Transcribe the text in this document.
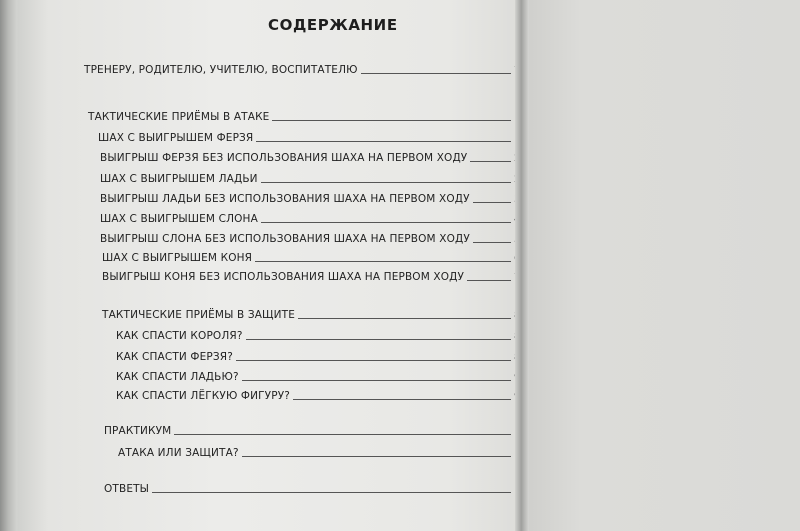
СОДЕРЖАНИЕ
ТРЕНЕРУ, РОДИТЕЛЮ, УЧИТЕЛЮ, ВОСПИТАТЕЛЮ
ТАКТИЧЕСКИЕ ПРИЁМЫ В АТАКЕ
ШАХ С ВЫИГРЫШЕМ ФЕРЗЯ
ВЫИГРЫШ ФЕРЗЯ БЕЗ ИСПОЛЬЗОВАНИЯ ШАХА НА ПЕРВОМ ХОДУ
ШАХ С ВЫИГРЫШЕМ ЛАДЬИ
ВЫИГРЫШ ЛАДЬИ БЕЗ ИСПОЛЬЗОВАНИЯ ШАХА НА ПЕРВОМ ХОДУ
ШАХ С ВЫИГРЫШЕМ СЛОНА
ВЫИГРЫШ СЛОНА БЕЗ ИСПОЛЬЗОВАНИЯ ШАХА НА ПЕРВОМ ХОДУ
ШАХ С ВЫИГРЫШЕМ КОНЯ
ВЫИГРЫШ КОНЯ БЕЗ ИСПОЛЬЗОВАНИЯ ШАХА НА ПЕРВОМ ХОДУ
ТАКТИЧЕСКИЕ ПРИЁМЫ В ЗАЩИТЕ
КАК СПАСТИ КОРОЛЯ?
КАК СПАСТИ ФЕРЗЯ?
КАК СПАСТИ ЛАДЬЮ?
КАК СПАСТИ ЛЁГКУЮ ФИГУРУ?
ПРАКТИКУМ
АТАКА ИЛИ ЗАЩИТА?
ОТВЕТЫ
